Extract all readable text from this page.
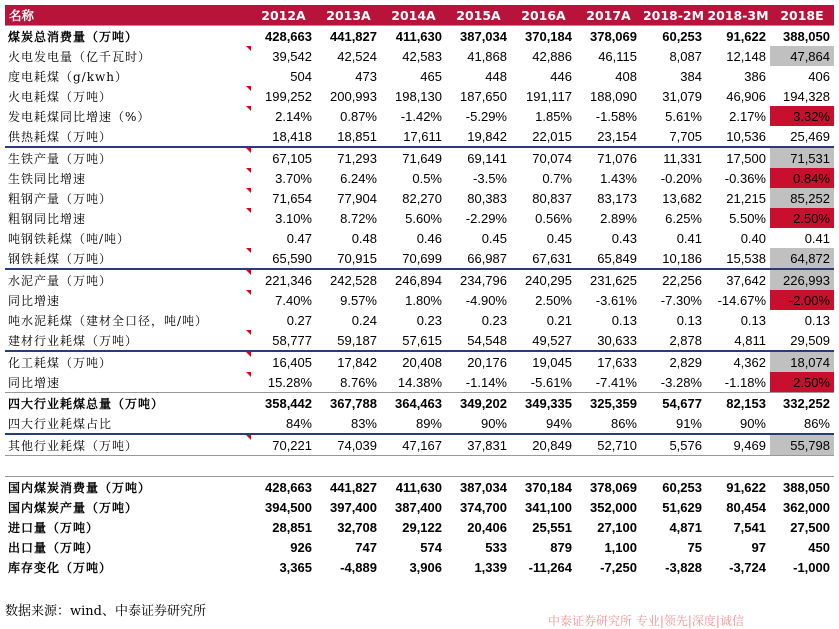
名称	2012A	2013A	2014A	2015A	2016A	2017A	2018-2M	2018-3M	2018E
煤炭总消费量（万吨）	428,663	441,827	411,630	387,034	370,184	378,069	60,253	91,622	388,050
火电发电量（亿千瓦时）	39,542	42,524	42,583	41,868	42,886	46,115	8,087	12,148	47,864
度电耗煤（g/kwh）	504	473	465	448	446	408	384	386	406
火电耗煤（万吨）	199,252	200,993	198,130	187,650	191,117	188,090	31,079	46,906	194,328
发电耗煤同比增速（%）	2.14%	0.87%	-1.42%	-5.29%	1.85%	-1.58%	5.61%	2.17%	3.32%
供热耗煤（万吨）	18,418	18,851	17,611	19,842	22,015	23,154	7,705	10,536	25,469
生铁产量（万吨）	67,105	71,293	71,649	69,141	70,074	71,076	11,331	17,500	71,531
生铁同比增速	3.70%	6.24%	0.5%	-3.5%	0.7%	1.43%	-0.20%	-0.36%	0.84%
粗钢产量（万吨）	71,654	77,904	82,270	80,383	80,837	83,173	13,682	21,215	85,252
粗钢同比增速	3.10%	8.72%	5.60%	-2.29%	0.56%	2.89%	6.25%	5.50%	2.50%
吨钢铁耗煤（吨/吨）	0.47	0.48	0.46	0.45	0.45	0.43	0.41	0.40	0.41
钢铁耗煤（万吨）	65,590	70,915	70,699	66,987	67,631	65,849	10,186	15,538	64,872
水泥产量（万吨）	221,346	242,528	246,894	234,796	240,295	231,625	22,256	37,642	226,993
同比增速	7.40%	9.57%	1.80%	-4.90%	2.50%	-3.61%	-7.30%	-14.67%	-2.00%
吨水泥耗煤（建材全口径，吨/吨）	0.27	0.24	0.23	0.23	0.21	0.13	0.13	0.13	0.13
建材行业耗煤（万吨）	58,777	59,187	57,615	54,548	49,527	30,633	2,878	4,811	29,509
化工耗煤（万吨）	16,405	17,842	20,408	20,176	19,045	17,633	2,829	4,362	18,074
同比增速	15.28%	8.76%	14.38%	-1.14%	-5.61%	-7.41%	-3.28%	-1.18%	2.50%
四大行业耗煤总量（万吨）	358,442	367,788	364,463	349,202	349,335	325,359	54,677	82,153	332,252
四大行业耗煤占比	84%	83%	89%	90%	94%	86%	91%	90%	86%
其他行业耗煤（万吨）	70,221	74,039	47,167	37,831	20,849	52,710	5,576	9,469	55,798

国内煤炭消费量（万吨）	428,663	441,827	411,630	387,034	370,184	378,069	60,253	91,622	388,050
国内煤炭产量（万吨）	394,500	397,400	387,400	374,700	341,100	352,000	51,629	80,454	362,000
进口量（万吨）	28,851	32,708	29,122	20,406	25,551	27,100	4,871	7,541	27,500
出口量（万吨）	926	747	574	533	879	1,100	75	97	450
库存变化（万吨）	3,365	-4,889	3,906	1,339	-11,264	-7,250	-3,828	-3,724	-1,000
数据来源：wind、中泰证券研究所
中泰证券研究所 专业|领先|深度|诚信
